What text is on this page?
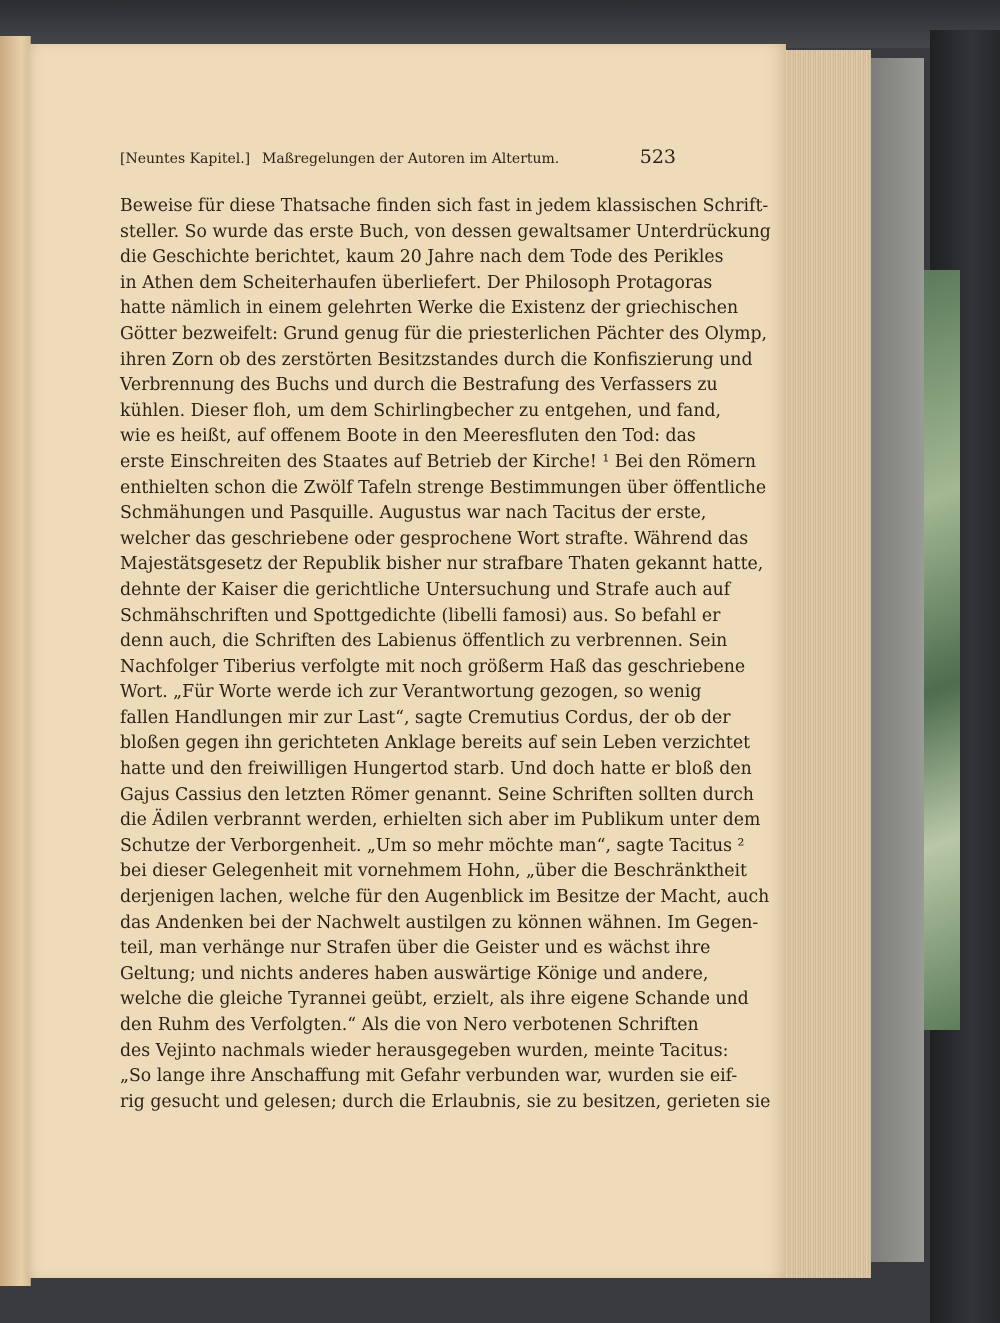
[Neuntes Kapitel.] Maßregelungen der Autoren im Altertum.	523
Beweise für diese Thatsache finden sich fast in jedem klassischen Schrift-
steller. So wurde das erste Buch, von dessen gewaltsamer Unterdrückung
die Geschichte berichtet, kaum 20 Jahre nach dem Tode des Perikles
in Athen dem Scheiterhaufen überliefert. Der Philosoph Protagoras
hatte nämlich in einem gelehrten Werke die Existenz der griechischen
Götter bezweifelt: Grund genug für die priesterlichen Pächter des Olymp,
ihren Zorn ob des zerstörten Besitzstandes durch die Konfiszierung und
Verbrennung des Buchs und durch die Bestrafung des Verfassers zu
kühlen. Dieser floh, um dem Schirlingbecher zu entgehen, und fand,
wie es heißt, auf offenem Boote in den Meeresfluten den Tod: das
erste Einschreiten des Staates auf Betrieb der Kirche! ¹ Bei den Römern
enthielten schon die Zwölf Tafeln strenge Bestimmungen über öffentliche
Schmähungen und Pasquille. Augustus war nach Tacitus der erste,
welcher das geschriebene oder gesprochene Wort strafte. Während das
Majestätsgesetz der Republik bisher nur strafbare Thaten gekannt hatte,
dehnte der Kaiser die gerichtliche Untersuchung und Strafe auch auf
Schmähschriften und Spottgedichte (libelli famosi) aus. So befahl er
denn auch, die Schriften des Labienus öffentlich zu verbrennen. Sein
Nachfolger Tiberius verfolgte mit noch größerm Haß das geschriebene
Wort. „Für Worte werde ich zur Verantwortung gezogen, so wenig
fallen Handlungen mir zur Last“, sagte Cremutius Cordus, der ob der
bloßen gegen ihn gerichteten Anklage bereits auf sein Leben verzichtet
hatte und den freiwilligen Hungertod starb. Und doch hatte er bloß den
Gajus Cassius den letzten Römer genannt. Seine Schriften sollten durch
die Ädilen verbrannt werden, erhielten sich aber im Publikum unter dem
Schutze der Verborgenheit. „Um so mehr möchte man“, sagte Tacitus ²
bei dieser Gelegenheit mit vornehmem Hohn, „über die Beschränktheit
derjenigen lachen, welche für den Augenblick im Besitze der Macht, auch
das Andenken bei der Nachwelt austilgen zu können wähnen. Im Gegen-
teil, man verhänge nur Strafen über die Geister und es wächst ihre
Geltung; und nichts anderes haben auswärtige Könige und andere,
welche die gleiche Tyrannei geübt, erzielt, als ihre eigene Schande und
den Ruhm des Verfolgten.“ Als die von Nero verbotenen Schriften
des Vejinto nachmals wieder herausgegeben wurden, meinte Tacitus:
„So lange ihre Anschaffung mit Gefahr verbunden war, wurden sie eif-
rig gesucht und gelesen; durch die Erlaubnis, sie zu besitzen, gerieten sie
